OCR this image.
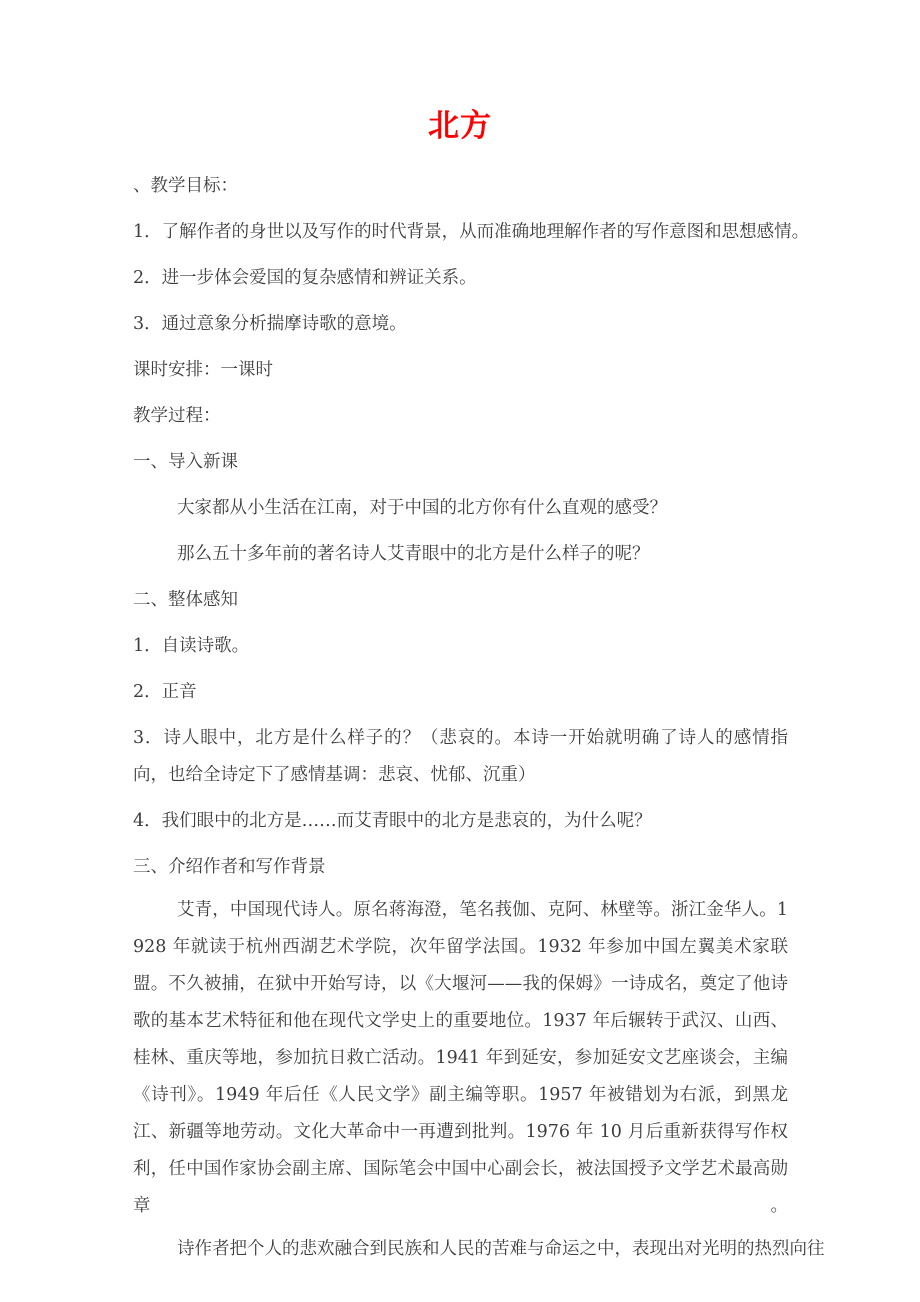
北方
、教学目标：
1．了解作者的身世以及写作的时代背景，从而准确地理解作者的写作意图和思想感情。
2．进一步体会爱国的复杂感情和辨证关系。
3．通过意象分析揣摩诗歌的意境。
课时安排：一课时
教学过程：
一、导入新课
大家都从小生活在江南，对于中国的北方你有什么直观的感受？
那么五十多年前的著名诗人艾青眼中的北方是什么样子的呢？
二、整体感知
1．自读诗歌。
2．正音
3．诗人眼中，北方是什么样子的？（悲哀的。本诗一开始就明确了诗人的感情指向，也给全诗定下了感情基调：悲哀、忧郁、沉重）
4．我们眼中的北方是……而艾青眼中的北方是悲哀的，为什么呢？
三、介绍作者和写作背景
艾青，中国现代诗人。原名蒋海澄，笔名莪伽、克阿、林壁等。浙江金华人。1928 年就读于杭州西湖艺术学院，次年留学法国。1932 年参加中国左翼美术家联盟。不久被捕，在狱中开始写诗，以《大堰河——我的保姆》一诗成名，奠定了他诗歌的基本艺术特征和他在现代文学史上的重要地位。1937 年后辗转于武汉、山西、桂林、重庆等地，参加抗日救亡活动。1941 年到延安，参加延安文艺座谈会，主编《诗刊》。1949 年后任《人民文学》副主编等职。1957 年被错划为右派，到黑龙江、新疆等地劳动。文化大革命中一再遭到批判。1976 年 10 月后重新获得写作权利，任中国作家协会副主席、国际笔会中国中心副会长，被法国授予文学艺术最高勋章。
诗作者把个人的悲欢融合到民族和人民的苦难与命运之中，表现出对光明的热烈向往
